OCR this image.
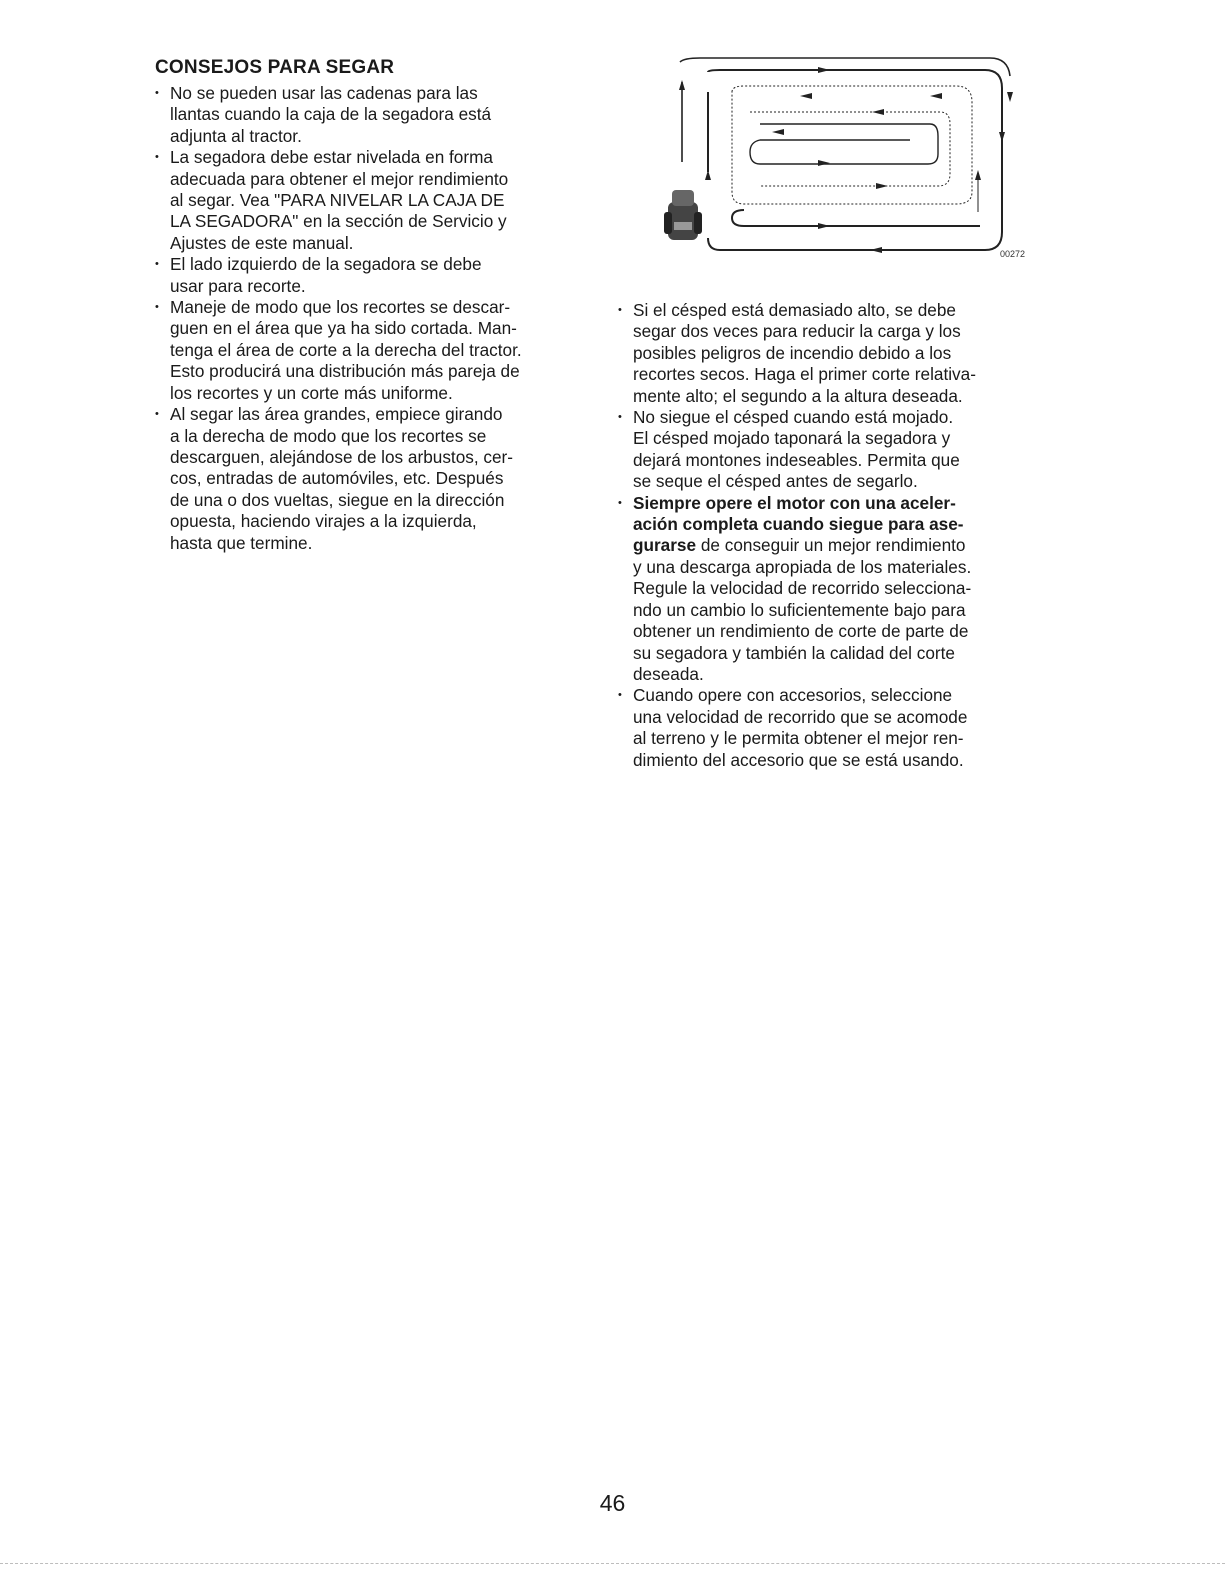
CONSEJOS PARA SEGAR
• No se pueden usar las cadenas para las
llantas cuando la caja de la segadora está
adjunta al tractor.
• La segadora debe estar nivelada en forma
adecuada para obtener el mejor rendimiento
al segar. Vea "PARA NIVELAR LA CAJA DE
LA SEGADORA" en la sección de Servicio y
Ajustes de este manual.
• El lado izquierdo de la segadora se debe
usar para recorte.
• Maneje de modo que los recortes se descar-
guen en el área que ya ha sido cortada. Man-
tenga el área de corte a la derecha del tractor.
Esto producirá una distribución más pareja de
los recortes y un corte más uniforme.
• Al segar las área grandes, empiece girando
a la derecha de modo que los recortes se
descarguen, alejándose de los arbustos, cer-
cos, entradas de automóviles, etc. Después
de una o dos vueltas, siegue en la dirección
opuesta, haciendo virajes a la izquierda,
hasta que termine.
00272
• Si el césped está demasiado alto, se debe
segar dos veces para reducir la carga y los
posibles peligros de incendio debido a los
recortes secos. Haga el primer corte relativa-
mente alto; el segundo a la altura deseada.
• No siegue el césped cuando está mojado.
El césped mojado taponará la segadora y
dejará montones indeseables. Permita que
se seque el césped antes de segarlo.
• Siempre opere el motor con una aceler-
ación completa cuando siegue para ase-
gurarse de conseguir un mejor rendimiento
y una descarga apropiada de los materiales.
Regule la velocidad de recorrido selecciona-
ndo un cambio lo suficientemente bajo para
obtener un rendimiento de corte de parte de
su segadora y también la calidad del corte
deseada.
• Cuando opere con accesorios, seleccione
una velocidad de recorrido que se acomode
al terreno y le permita obtener el mejor ren-
dimiento del accesorio que se está usando.
46
